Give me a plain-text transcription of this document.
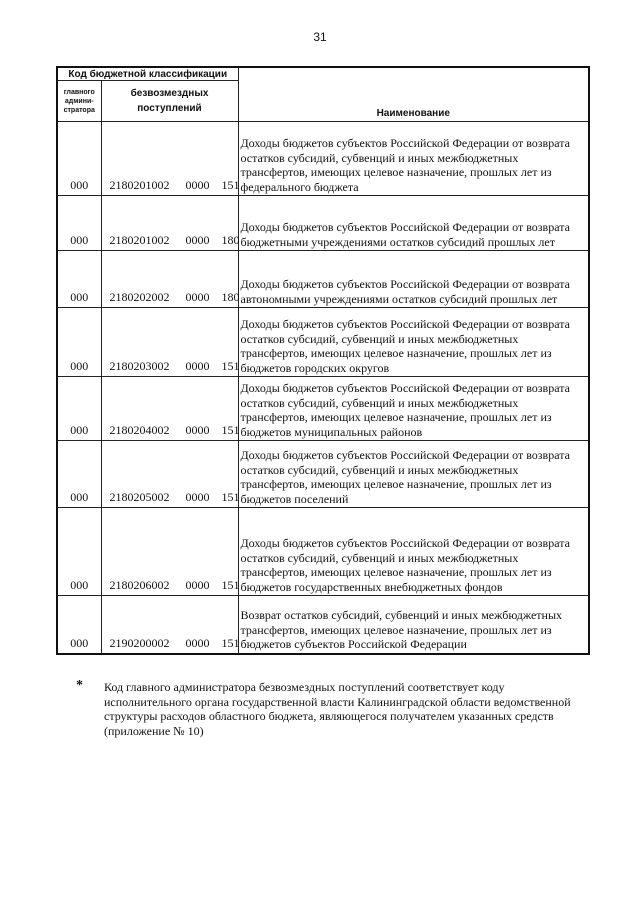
31
Код бюджетной классификации		Наименование
главного админи-стратора	безвозмездных поступлений	
000	2180201002 0000 151	Доходы бюджетов субъектов Российской Федерации от возврата остатков субсидий, субвенций и иных межбюджетных трансфертов, имеющих целевое назначение, прошлых лет из федерального бюджета
000	2180201002 0000 180	Доходы бюджетов субъектов Российской Федерации от возврата бюджетными учреждениями остатков субсидий прошлых лет
000	2180202002 0000 180	Доходы бюджетов субъектов Российской Федерации от возврата автономными учреждениями остатков субсидий прошлых лет
000	2180203002 0000 151	Доходы бюджетов субъектов Российской Федерации от возврата остатков субсидий, субвенций и иных межбюджетных трансфертов, имеющих целевое назначение, прошлых лет из бюджетов городских округов
000	2180204002 0000 151	Доходы бюджетов субъектов Российской Федерации от возврата остатков субсидий, субвенций и иных межбюджетных трансфертов, имеющих целевое назначение, прошлых лет из бюджетов муниципальных районов
000	2180205002 0000 151	Доходы бюджетов субъектов Российской Федерации от возврата остатков субсидий, субвенций и иных межбюджетных трансфертов, имеющих целевое назначение, прошлых лет из бюджетов поселений
000	2180206002 0000 151	Доходы бюджетов субъектов Российской Федерации от возврата остатков субсидий, субвенций и иных межбюджетных трансфертов, имеющих целевое назначение, прошлых лет из бюджетов государственных внебюджетных фондов
000	2190200002 0000 151	Возврат остатков субсидий, субвенций и иных межбюджетных трансфертов, имеющих целевое назначение, прошлых лет из бюджетов субъектов Российской Федерации
* Код главного администратора безвозмездных поступлений соответствует коду исполнительного органа государственной власти Калининградской области ведомственной структуры расходов областного бюджета, являющегося получателем указанных средств (приложение № 10)
